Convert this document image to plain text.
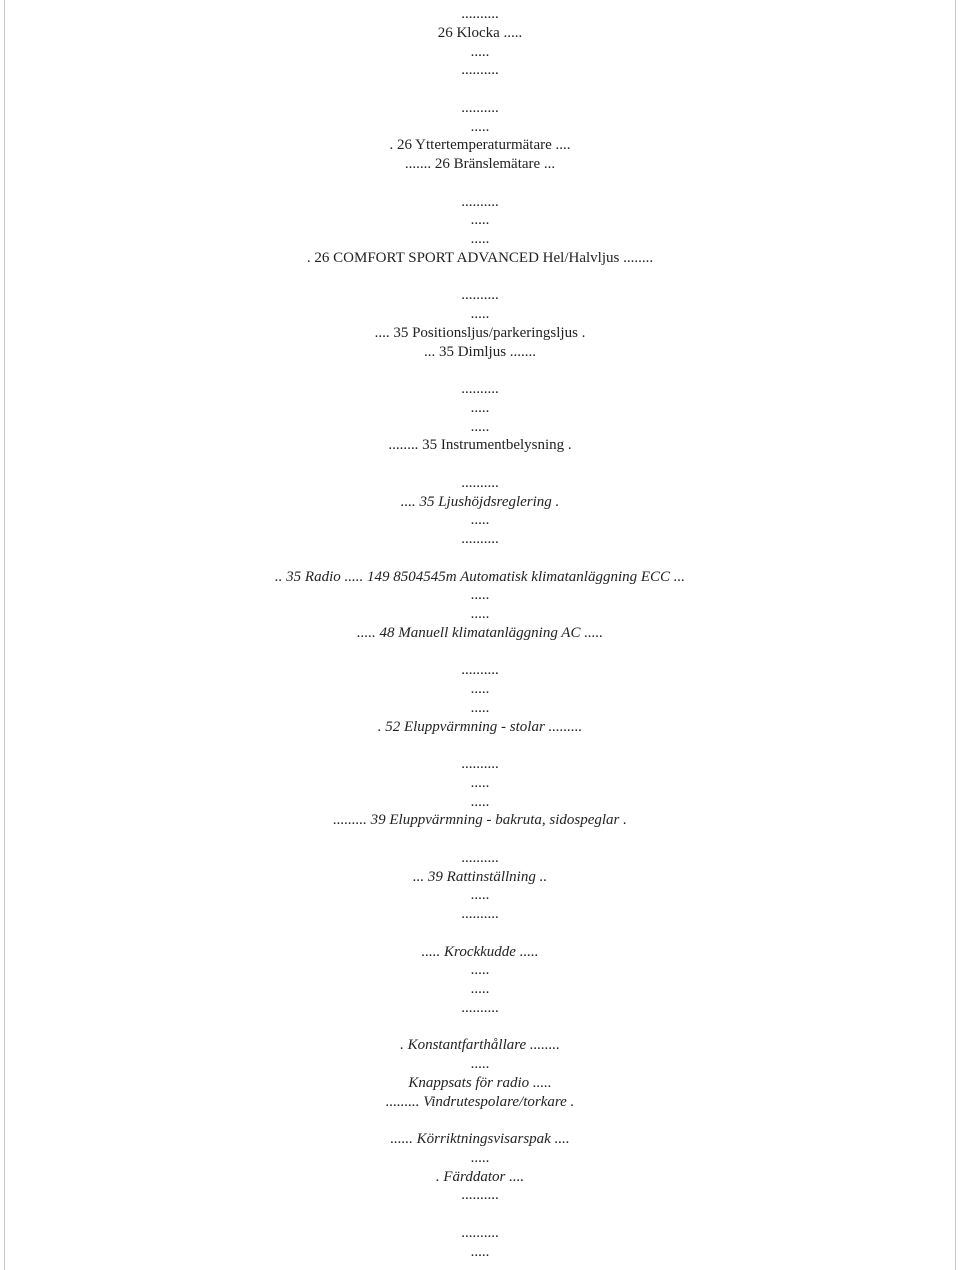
..........
26 Klocka .....
.....
..........
..........
.....
. 26 Yttertemperaturmätare ....
....... 26 Bränslemätare ...
..........
.....
.....
. 26 COMFORT SPORT ADVANCED Hel/Halvljus ........
..........
.....
.... 35 Positionsljus/parkeringsljus .
... 35 Dimljus .......
..........
.....
.....
........ 35 Instrumentbelysning .
..........
.... 35 Ljushöjdsreglering .
.....
..........
.. 35 Radio ..... 149 8504545m Automatisk klimatanläggning ECC ...
.....
.....
..... 48 Manuell klimatanläggning AC .....
..........
.....
.....
. 52 Eluppvärmning - stolar .........
..........
.....
.....
......... 39 Eluppvärmning - bakruta, sidospeglar .
..........
... 39 Rattinställning ..
.....
..........
..... Krockkudde .....
.....
.....
..........
. Konstantfarthållare ........
.....
Knappsats för radio .....
......... Vindrutespolare/torkare .
...... Körriktningsvisarspak ....
.....
. Färddator ....
..........
..........
.....
